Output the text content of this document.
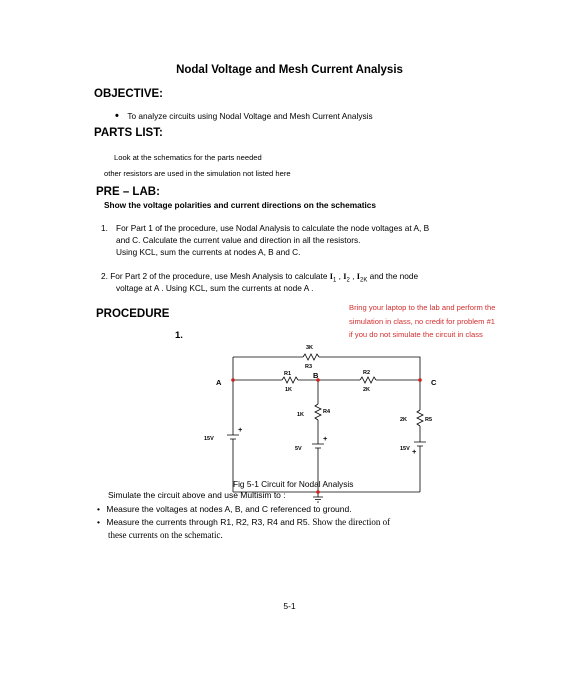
Nodal Voltage and Mesh Current Analysis
OBJECTIVE:
• To analyze circuits using Nodal Voltage and Mesh Current Analysis
PARTS LIST:
Look at the schematics for the parts needed
other resistors are used in the simulation not listed here
PRE – LAB:
Show the voltage polarities and current directions on the schematics
1. For Part 1 of the procedure, use Nodal Analysis to calculate the node voltages at A, B
and C. Calculate the current value and direction in all the resistors.
Using KCL, sum the currents at nodes A, B and C.
2. For Part 2 of the procedure, use Mesh Analysis to calculate $I_1$ , $I_2$ , $I_{2K}$ and the node
voltage at A . Using KCL, sum the currents at node A .
PROCEDURE
1.
Bring your laptop to the lab and perform the
simulation in class, no credit for problem #1
if you do not simulate the circuit in class
3K
R3
R1
1K
R2
2K
1K	R4
2K	R5
15V
5V	15V
A
B
C
+
+
+
Fig 5-1 Circuit for Nodal Analysis
Simulate the circuit above and use Multisim to :
• Measure the voltages at nodes A, B, and C referenced to ground.
• Measure the currents through R1, R2, R3, R4 and R5. Show the direction of
these currents on the schematic.
5-1
